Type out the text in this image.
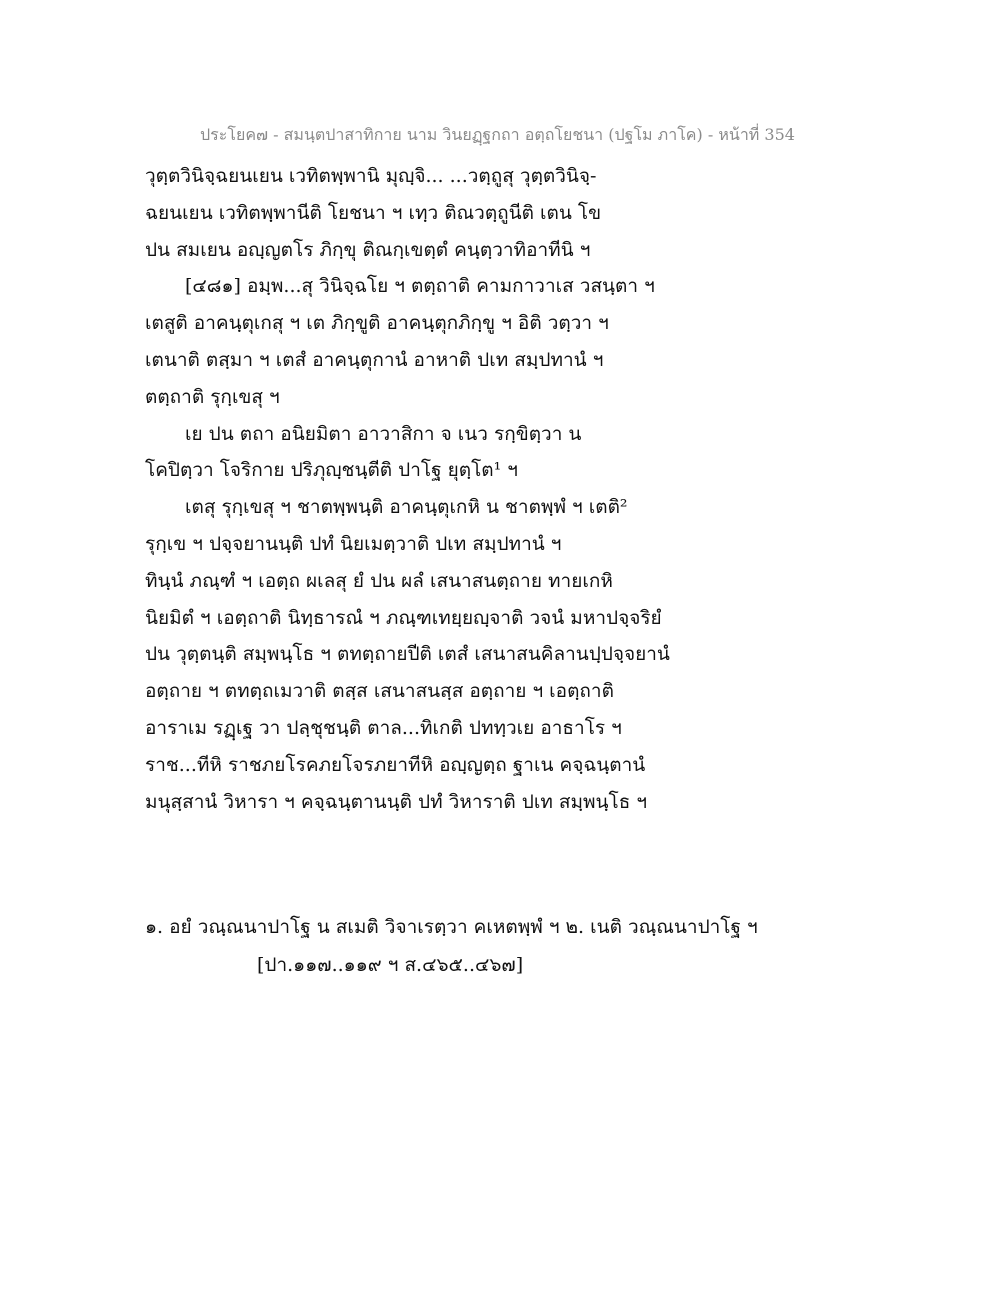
ประโยค๗ - สมนฺตปาสาทิกาย นาม วินยฏฺฐกถา อตฺถโยชนา (ปฐโม ภาโค) - หน้าที่ 354
วุตฺตวินิจฺฉยนเยน เวทิตพฺพานิ มุญฺจิ... ...วตฺถูสุ วุตฺตวินิจฺ-
ฉยนเยน เวทิตพฺพานีติ โยชนา ฯ เทฺว ติณวตฺถูนีติ เตน โข
ปน สมเยน อญฺญตโร ภิกฺขุ ติณกฺเขตฺตํ คนฺตฺวาทิอาทีนิ ฯ
[๔๘๑] อมฺพ...สุ วินิจฺฉโย ฯ ตตฺถาติ คามกาวาเส วสนฺตา ฯ
เตสูติ อาคนฺตุเกสุ ฯ เต ภิกฺขูติ อาคนฺตุกภิกฺขู ฯ อิติ วตฺวา ฯ
เตนาติ ตสฺมา ฯ เตสํ อาคนฺตุกานํ อาหาติ ปเท สมฺปทานํ ฯ
ตตฺถาติ รุกฺเขสุ ฯ
เย ปน ตถา อนิยมิตา อาวาสิกา จ เนว รกฺขิตฺวา น
โคปิตฺวา โจริกาย ปริภุญฺชนฺตีติ ปาโฐ ยุตฺโต¹ ฯ
เตสุ รุกฺเขสุ ฯ ชาตพฺพนฺติ อาคนฺตุเกหิ น ชาตพฺพํ ฯ เตติ²
รุกฺเข ฯ ปจฺจยานนฺติ ปทํ นิยเมตฺวาติ ปเท สมฺปทานํ ฯ
ทินฺนํ ภณฺฑํ ฯ เอตฺถ ผเลสุ ยํ ปน ผลํ เสนาสนตฺถาย ทายเกหิ
นิยมิตํ ฯ เอตฺถาติ นิทฺธารณํ ฯ ภณฺฑเทยฺยญฺจาติ วจนํ มหาปจฺจริยํ
ปน วุตฺตนฺติ สมฺพนฺโธ ฯ ตทตฺถายปีติ เตสํ เสนาสนคิลานปฺปจฺจยานํ
อตฺถาย ฯ ตทตฺถเมวาติ ตสฺส เสนาสนสฺส อตฺถาย ฯ เอตฺถาติ
อาราเม รฏฺเฐ วา ปลฺชุชนฺติ ตาล...ทิเกติ ปททฺวเย อาธาโร ฯ
ราช...ทีหิ ราชภยโรคภยโจรภยาทีหิ อญฺญตฺถ ฐาเน คจฺฉนฺตานํ
มนุสฺสานํ วิหารา ฯ คจฺฉนฺตานนฺติ ปทํ วิหาราติ ปเท สมฺพนฺโธ ฯ
๑. อยํ วณฺณนาปาโฐ น สเมติ วิจาเรตฺวา คเหตพฺพํ ฯ ๒. เนติ วณฺณนาปาโฐ ฯ
[ปา.๑๑๗..๑๑๙ ฯ ส.๔๖๕..๔๖๗]
